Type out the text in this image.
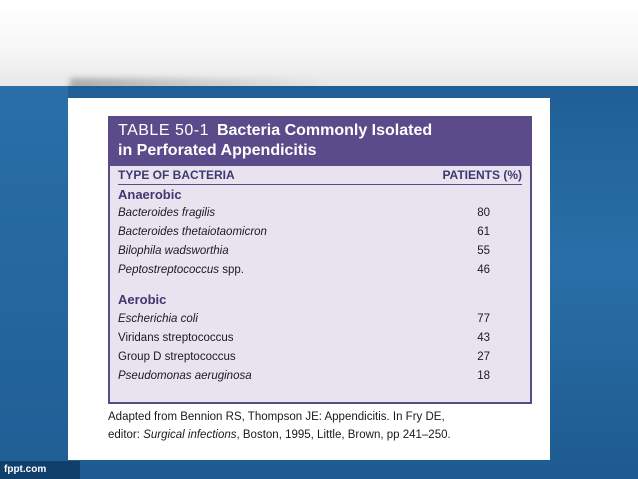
fppt.com
TABLE 50-1 Bacteria Commonly Isolated
in Perforated Appendicitis
TYPE OF BACTERIA	PATIENTS (%)
Anaerobic
Bacteroides fragilis	80
Bacteroides thetaiotaomicron	61
Bilophila wadsworthia	55
Peptostreptococcus spp.	46
Aerobic
Escherichia coli	77
Viridans streptococcus	43
Group D streptococcus	27
Pseudomonas aeruginosa	18
Adapted from Bennion RS, Thompson JE: Appendicitis. In Fry DE,
editor: Surgical infections, Boston, 1995, Little, Brown, pp 241–250.
